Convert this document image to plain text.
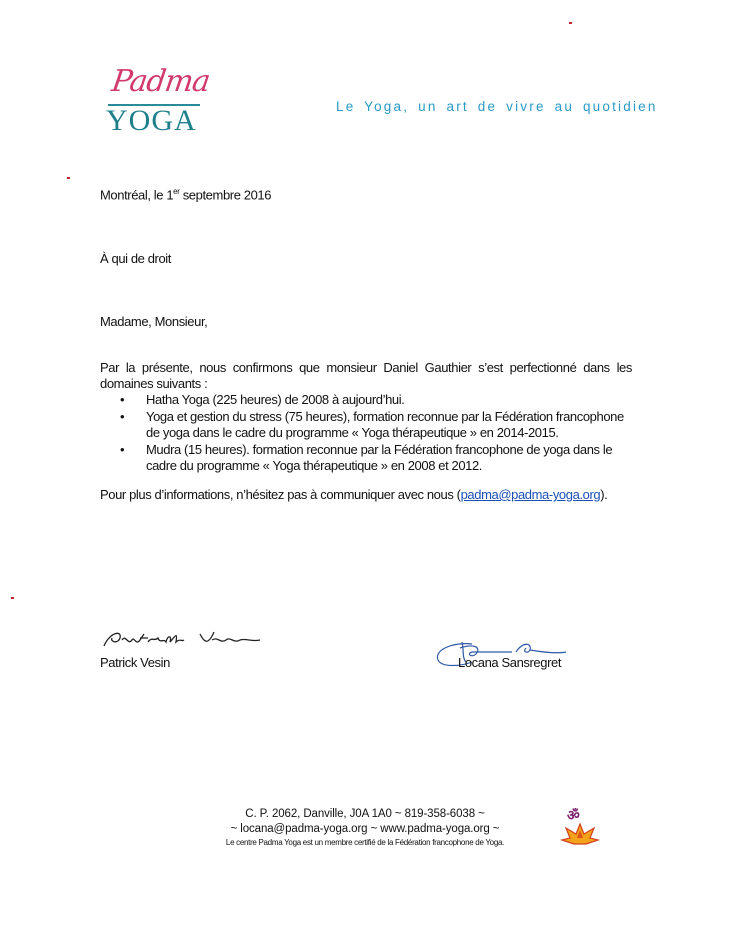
Padma
YOGA	Le Yoga, un art de vivre au quotidien
Montréal, le 1er septembre 2016
À qui de droit
Madame, Monsieur,
Par la présente, nous confirmons que monsieur Daniel Gauthier s’est perfectionné dans les domaines suivants :
• Hatha Yoga (225 heures) de 2008 à aujourd’hui.
• Yoga et gestion du stress (75 heures), formation reconnue par la Fédération francophone de yoga dans le cadre du programme « Yoga thérapeutique » en 2014-2015.
• Mudra (15 heures). formation reconnue par la Fédération francophone de yoga dans le cadre du programme « Yoga thérapeutique » en 2008 et 2012.
Pour plus d’informations, n’hésitez pas à communiquer avec nous (padma@padma-yoga.org).
Patrick Vesin	Locana Sansregret
C. P. 2062, Danville, J0A 1A0 ~ 819-358-6038 ~
~ locana@padma-yoga.org ~ www.padma-yoga.org ~
Le centre Padma Yoga est un membre certifié de la Fédération francophone de Yoga.
ॐ
